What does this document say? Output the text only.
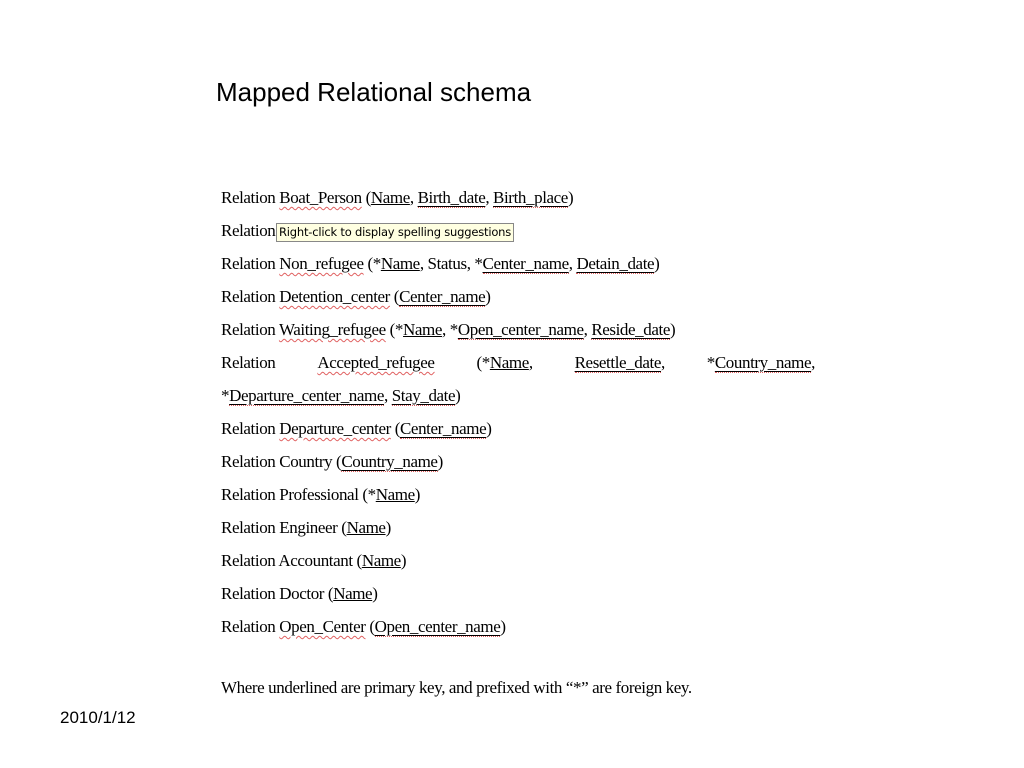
Mapped Relational schema
Relation Boat_Person (Name, Birth_date, Birth_place)
Relation
Relation Non_refugee (*Name, Status, *Center_name, Detain_date)
Relation Detention_center (Center_name)
Relation Waiting_refugee (*Name, *Open_center_name, Reside_date)
Relation Accepted_refugee (*Name, Resettle_date, *Country_name,
*Departure_center_name, Stay_date)
Relation Departure_center (Center_name)
Relation Country (Country_name)
Relation Professional (*Name)
Relation Engineer (Name)
Relation Accountant (Name)
Relation Doctor (Name)
Relation Open_Center (Open_center_name)
Right-click to display spelling suggestions
Where underlined are primary key, and prefixed with “*” are foreign key.
2010/1/12
